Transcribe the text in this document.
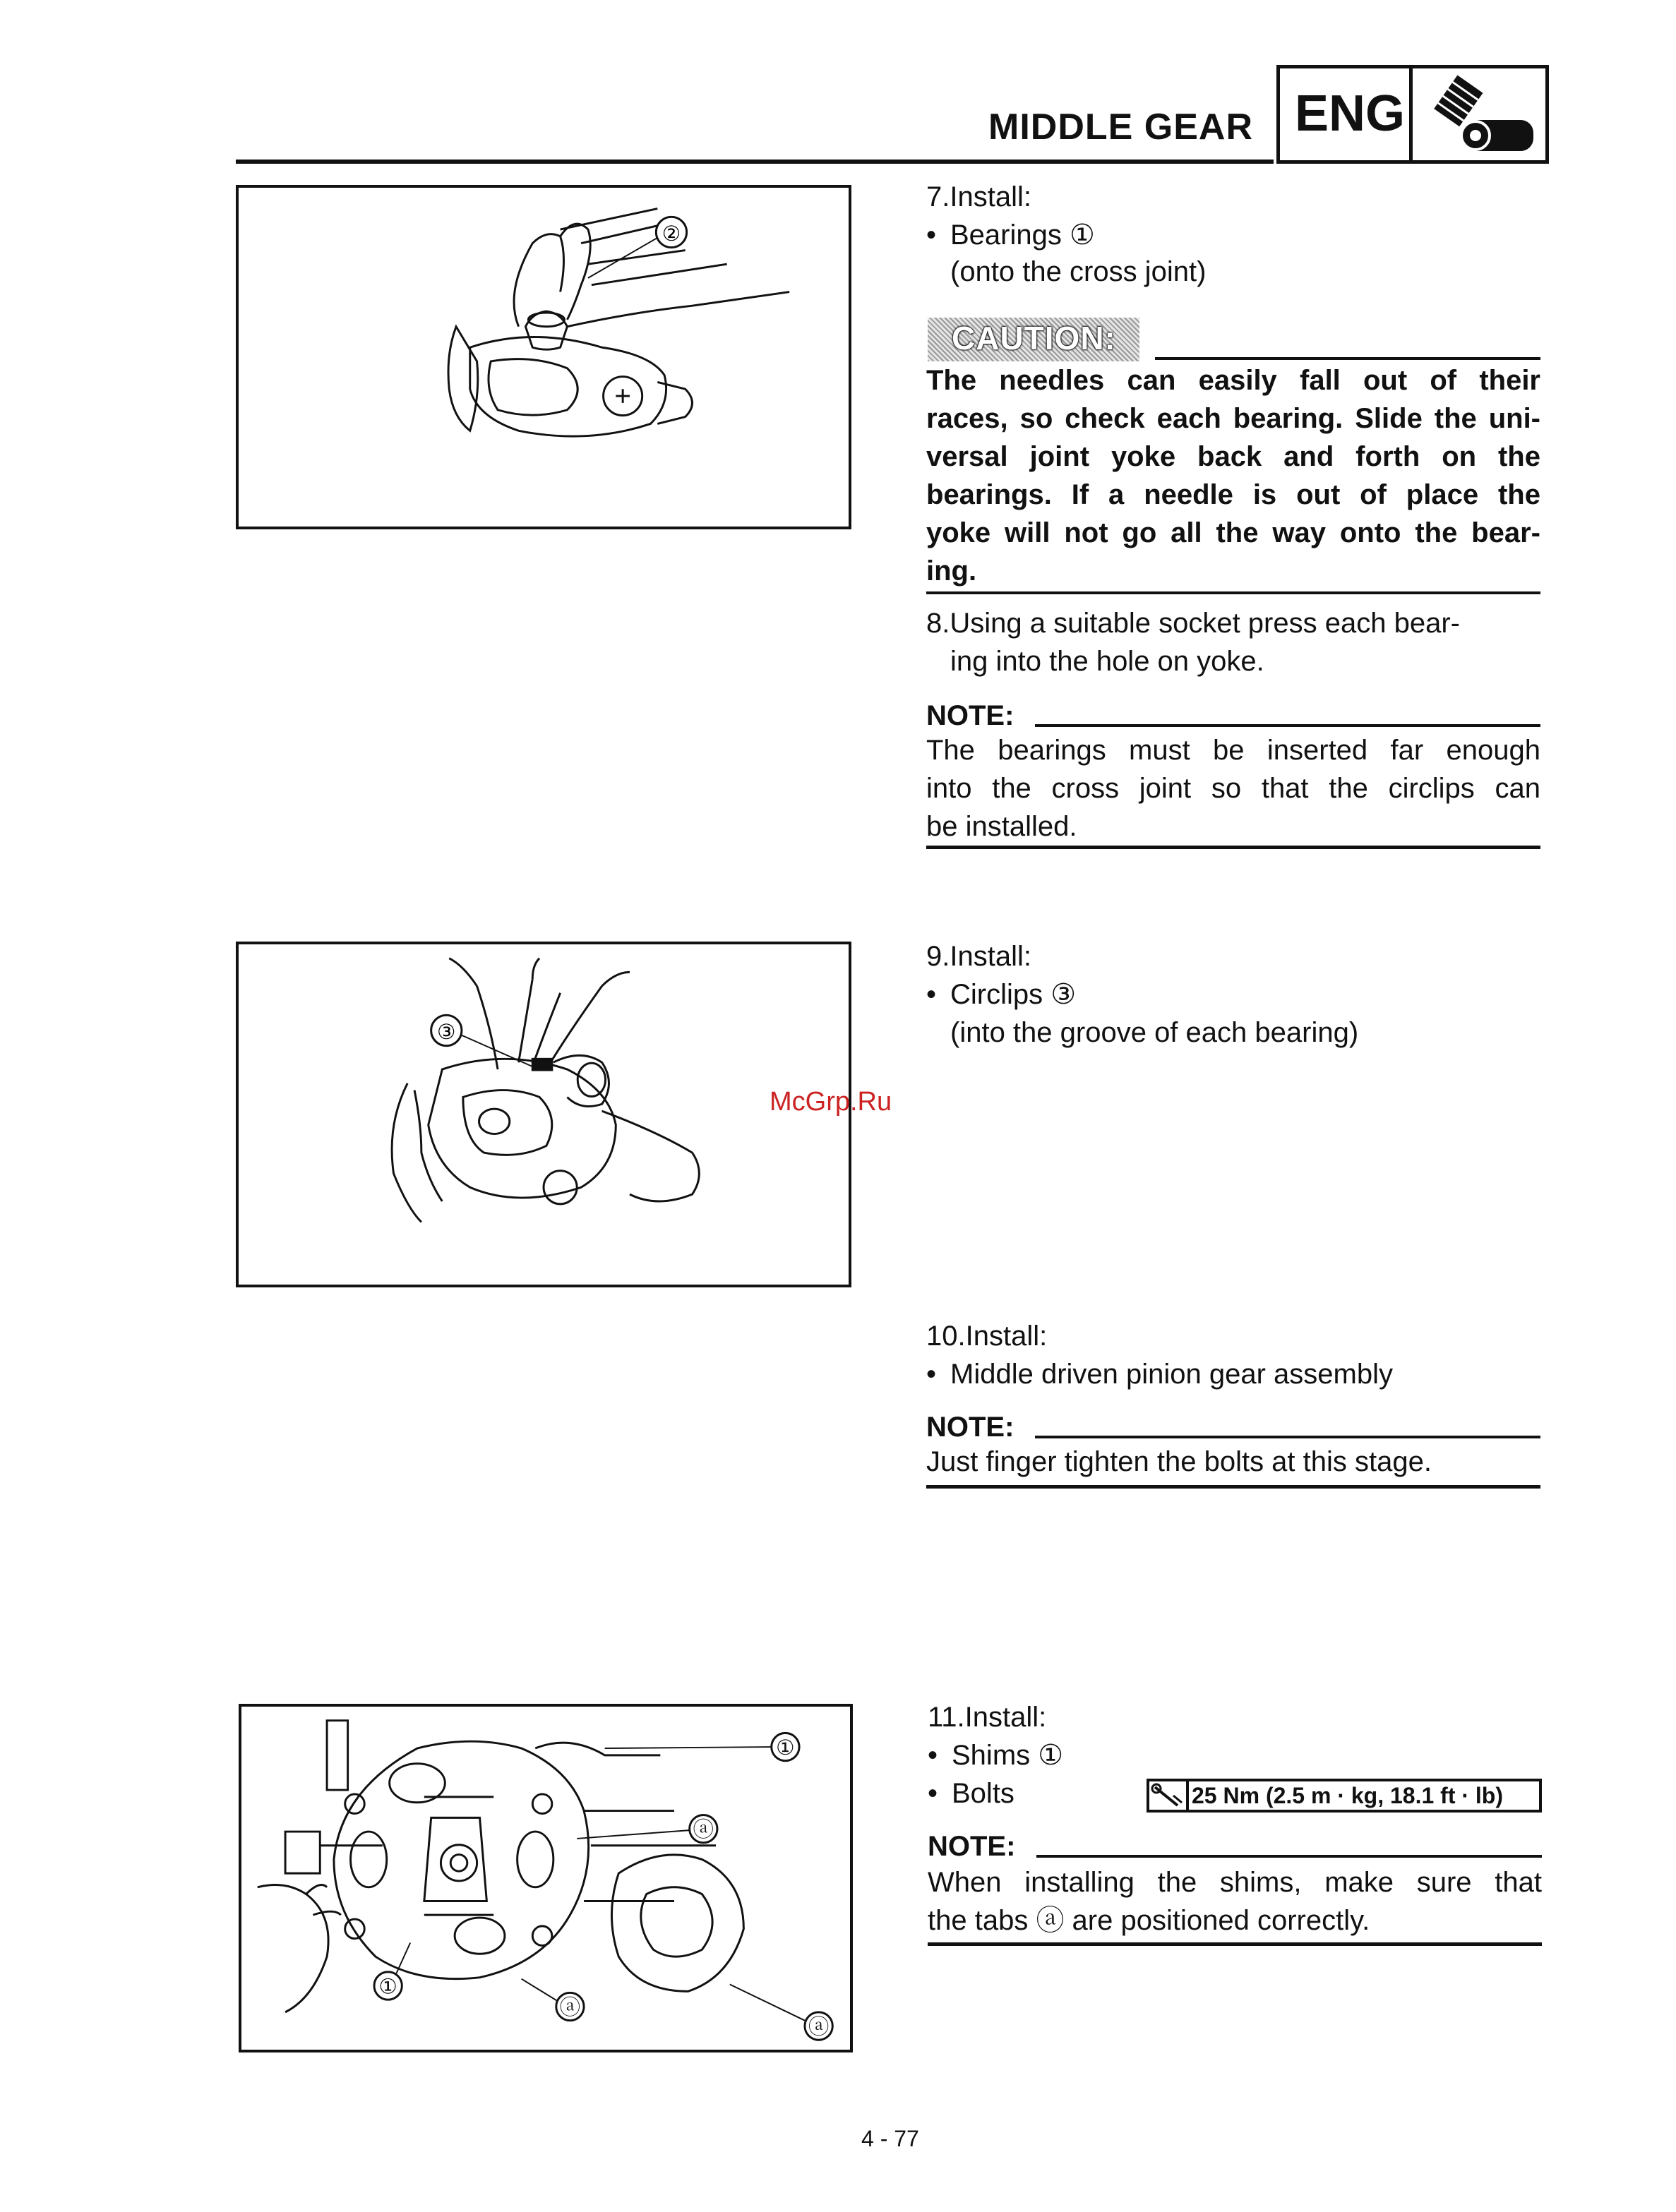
MIDDLE GEAR ENG
②
7.Install:
• Bearings ①
(onto the cross joint)
CAUTION:
The needles can easily fall out of their
races, so check each bearing. Slide the uni-
versal joint yoke back and forth on the
bearings. If a needle is out of place the
yoke will not go all the way onto the bear-
ing.
8.Using a suitable socket press each bear-
ing into the hole on yoke.
NOTE:
The bearings must be inserted far enough
into the cross joint so that the circlips can
be installed.
③
McGrp.Ru
9.Install:
• Circlips ③
(into the groove of each bearing)
10.Install:
• Middle driven pinion gear assembly
NOTE:
Just finger tighten the bolts at this stage.
①
ⓐ
①
ⓐ
ⓐ
11.Install:
• Shims ①
• Bolts	25 Nm (2.5 m · kg, 18.1 ft · lb)
NOTE:
When installing the shims, make sure that
the tabs ⓐ are positioned correctly.
4 - 77
